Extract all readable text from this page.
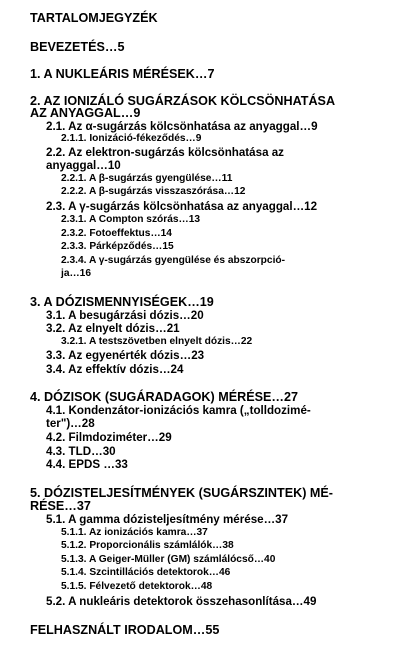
TARTALOMJEGYZÉK
BEVEZETÉS…5
1. A NUKLEÁRIS MÉRÉSEK…7
2. AZ IONIZÁLÓ SUGÁRZÁSOK KÖLCSÖNHATÁSA
AZ ANYAGGAL…9
2.1. Az α-sugárzás kölcsönhatása az anyaggal…9
2.1.1. Ionizáció-fékeződés…9
2.2. Az elektron-sugárzás kölcsönhatása az
anyaggal…10
2.2.1. A β-sugárzás gyengülése…11
2.2.2. A β-sugárzás visszaszórása…12
2.3. A γ-sugárzás kölcsönhatása az anyaggal…12
2.3.1. A Compton szórás…13
2.3.2. Fotoeffektus…14
2.3.3. Párképződés…15
2.3.4. A γ-sugárzás gyengülése és abszorpció-
ja…16
3. A DÓZISMENNYISÉGEK…19
3.1. A besugárzási dózis…20
3.2. Az elnyelt dózis…21
3.2.1. A testszövetben elnyelt dózis…22
3.3. Az egyenérték dózis…23
3.4. Az effektív dózis…24
4. DÓZISOK (SUGÁRADAGOK) MÉRÉSE…27
4.1. Kondenzátor-ionizációs kamra („tolldozimé-
ter")…28
4.2. Filmdoziméter…29
4.3. TLD…30
4.4. EPDS …33
5. DÓZISTELJESÍTMÉNYEK (SUGÁRSZINTEK) MÉ-
RÉSE…37
5.1. A gamma dózisteljesítmény mérése…37
5.1.1. Az ionizációs kamra…37
5.1.2. Proporcionális számlálók…38
5.1.3. A Geiger-Müller (GM) számlálócső…40
5.1.4. Szcintillációs detektorok…46
5.1.5. Félvezető detektorok…48
5.2. A nukleáris detektorok összehasonlítása…49
FELHASZNÁLT IRODALOM…55
